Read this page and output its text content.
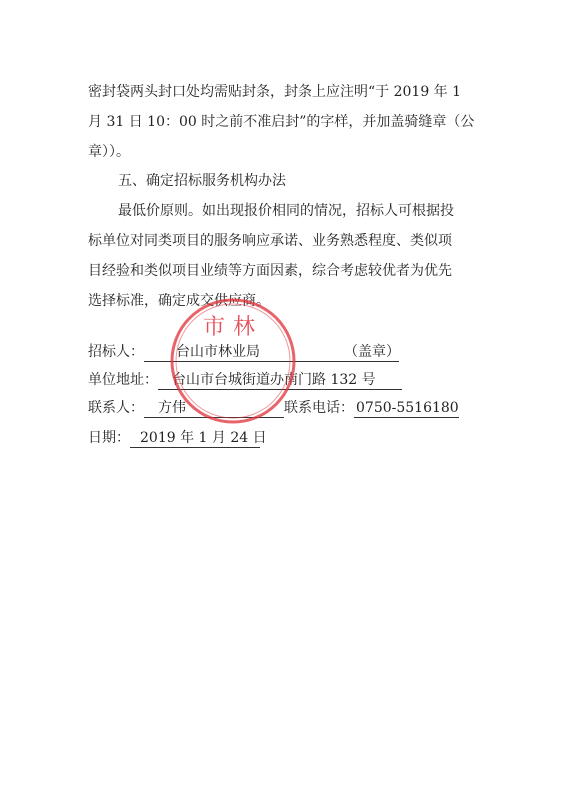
密封袋两头封口处均需贴封条，封条上应注明“于 2019 年 1
月 31 日 10：00 时之前不准启封”的字样，并加盖骑缝章（公
章））。
五、确定招标服务机构办法
最低价原则。如出现报价相同的情况，招标人可根据投
标单位对同类项目的服务响应承诺、业务熟悉程度、类似项
目经验和类似项目业绩等方面因素，综合考虑较优者为优先
选择标准，确定成交供应商。
招标人： 台山市林业局	（盖章）

单位地址： 台山市台城街道办南门路 132 号
联系人： 方伟	联系电话： 0750-5516180
日期： 2019 年 1 月 24 日
市林
